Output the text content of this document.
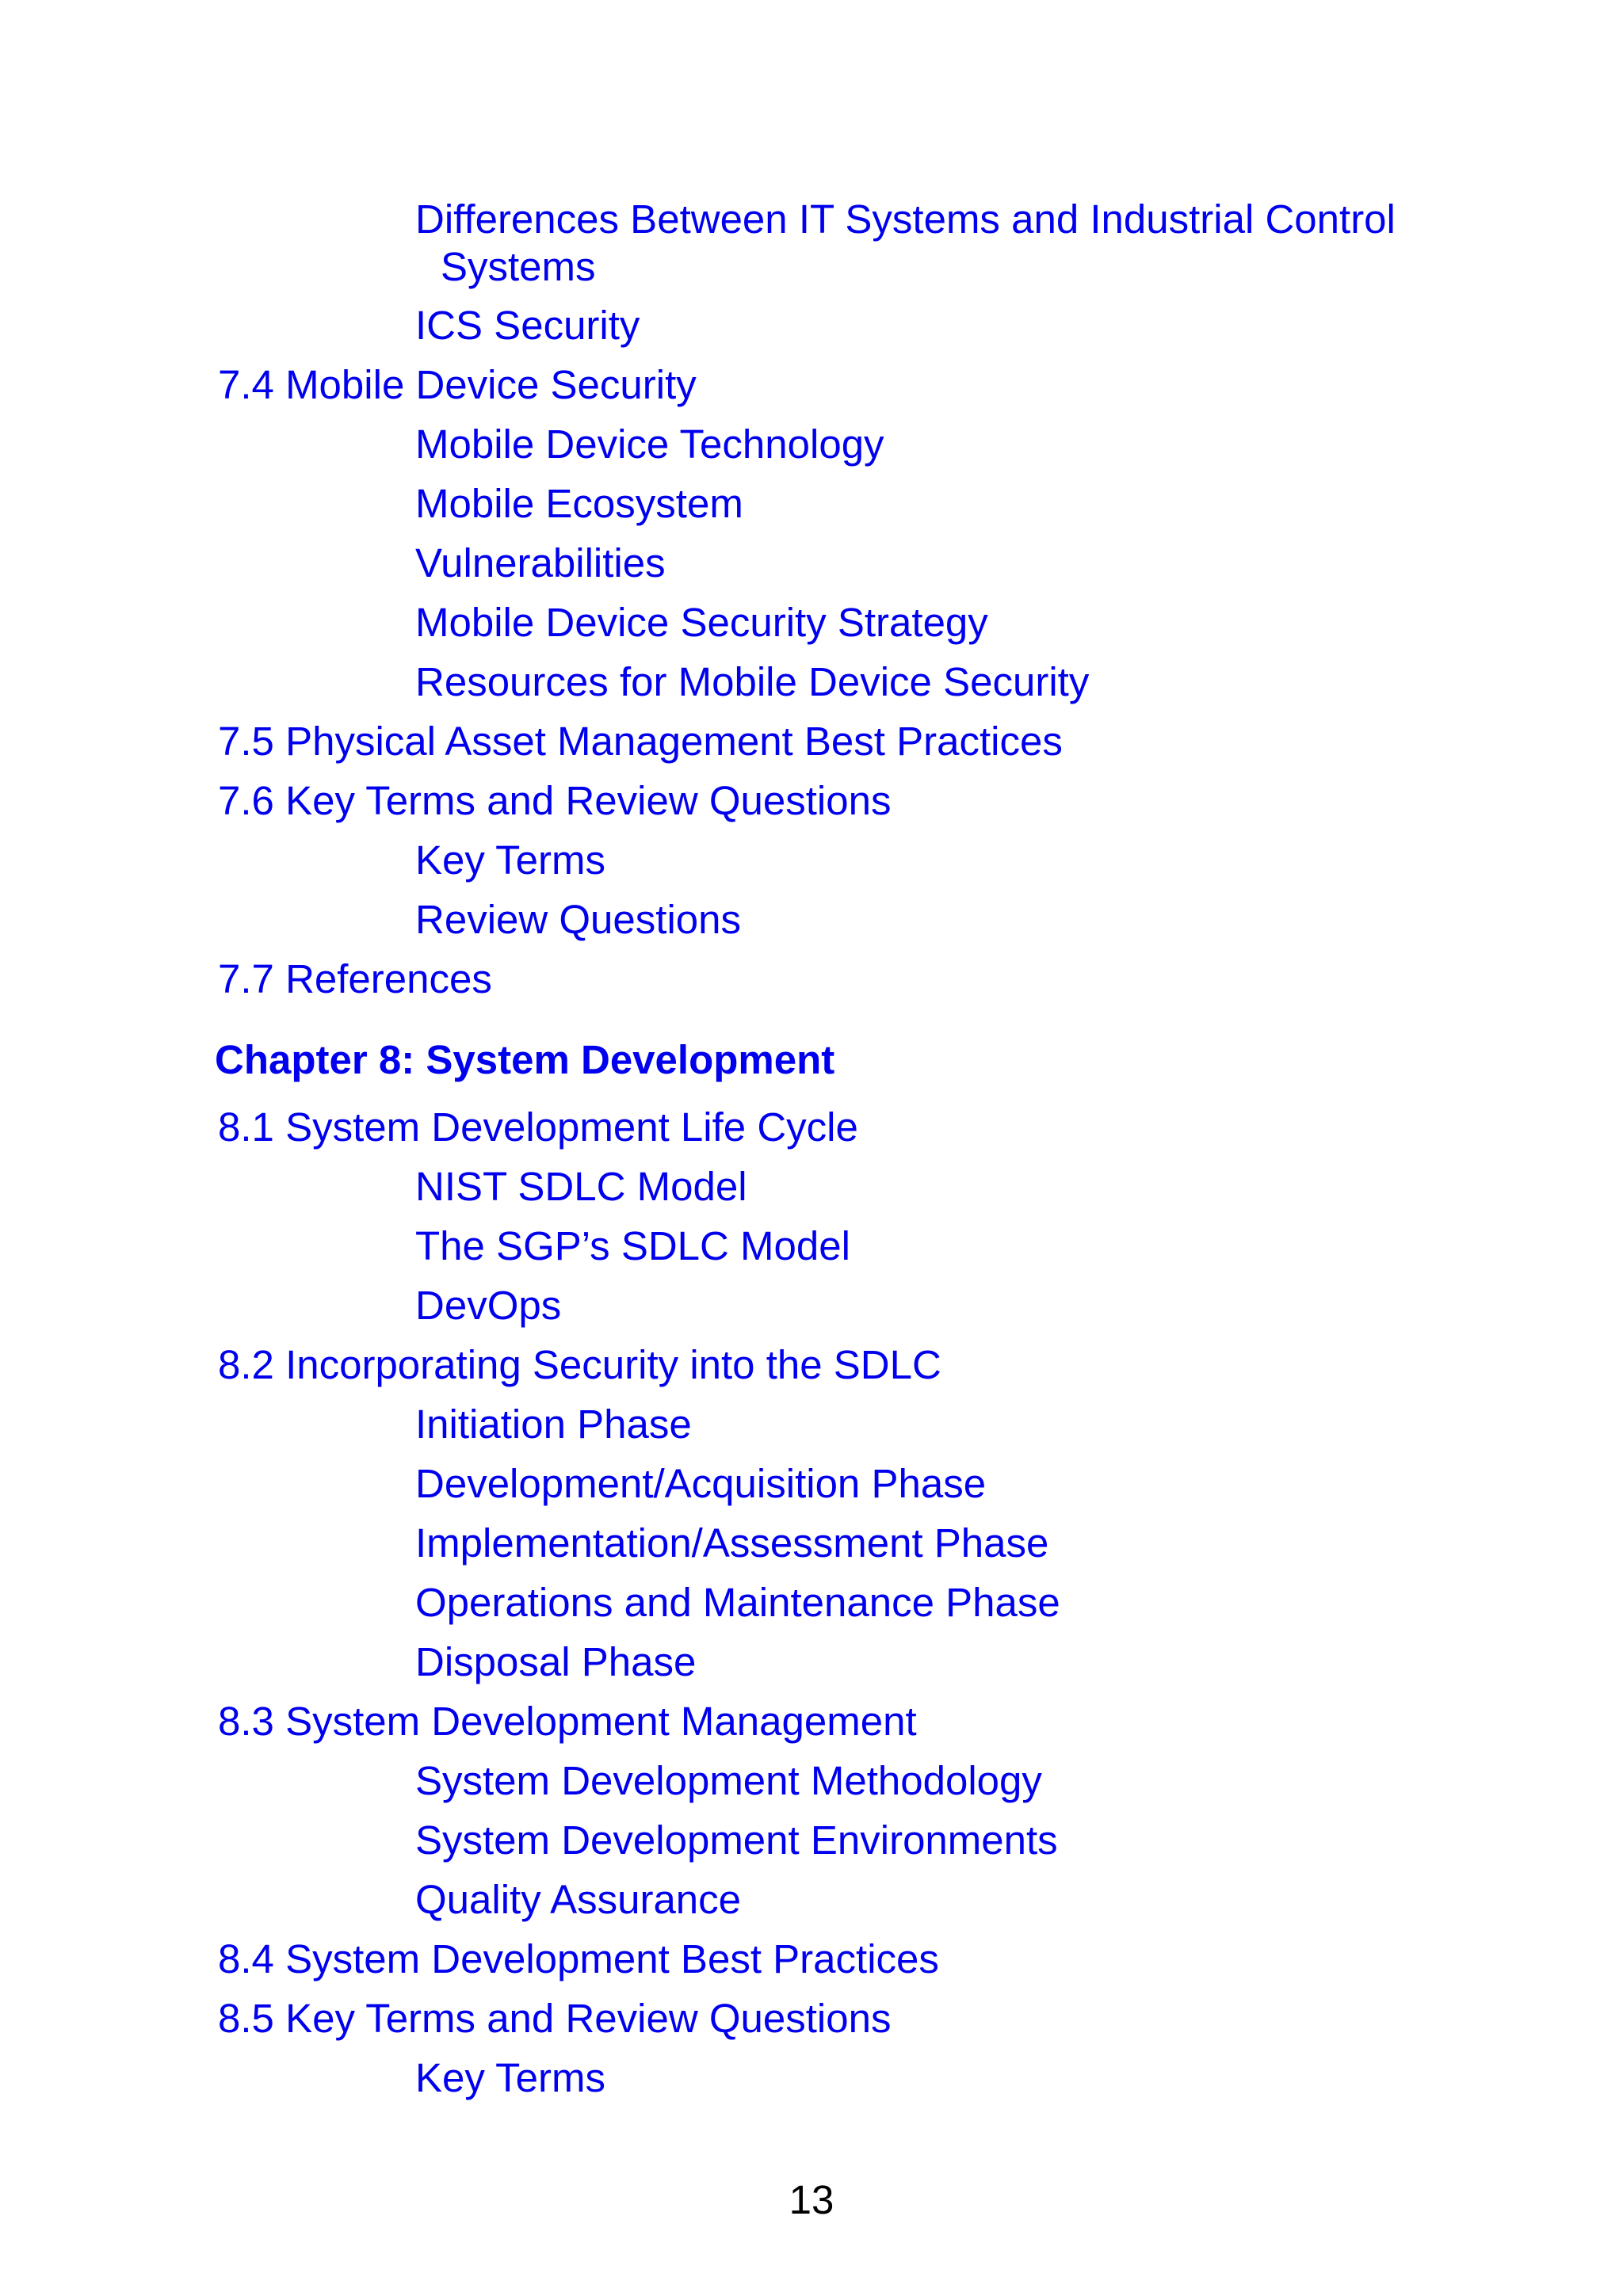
Differences Between IT Systems and Industrial Control
Systems
ICS Security
7.4 Mobile Device Security
Mobile Device Technology
Mobile Ecosystem
Vulnerabilities
Mobile Device Security Strategy
Resources for Mobile Device Security
7.5 Physical Asset Management Best Practices
7.6 Key Terms and Review Questions
Key Terms
Review Questions
7.7 References
Chapter 8: System Development
8.1 System Development Life Cycle
NIST SDLC Model
The SGP’s SDLC Model
DevOps
8.2 Incorporating Security into the SDLC
Initiation Phase
Development/Acquisition Phase
Implementation/Assessment Phase
Operations and Maintenance Phase
Disposal Phase
8.3 System Development Management
System Development Methodology
System Development Environments
Quality Assurance
8.4 System Development Best Practices
8.5 Key Terms and Review Questions
Key Terms
13
